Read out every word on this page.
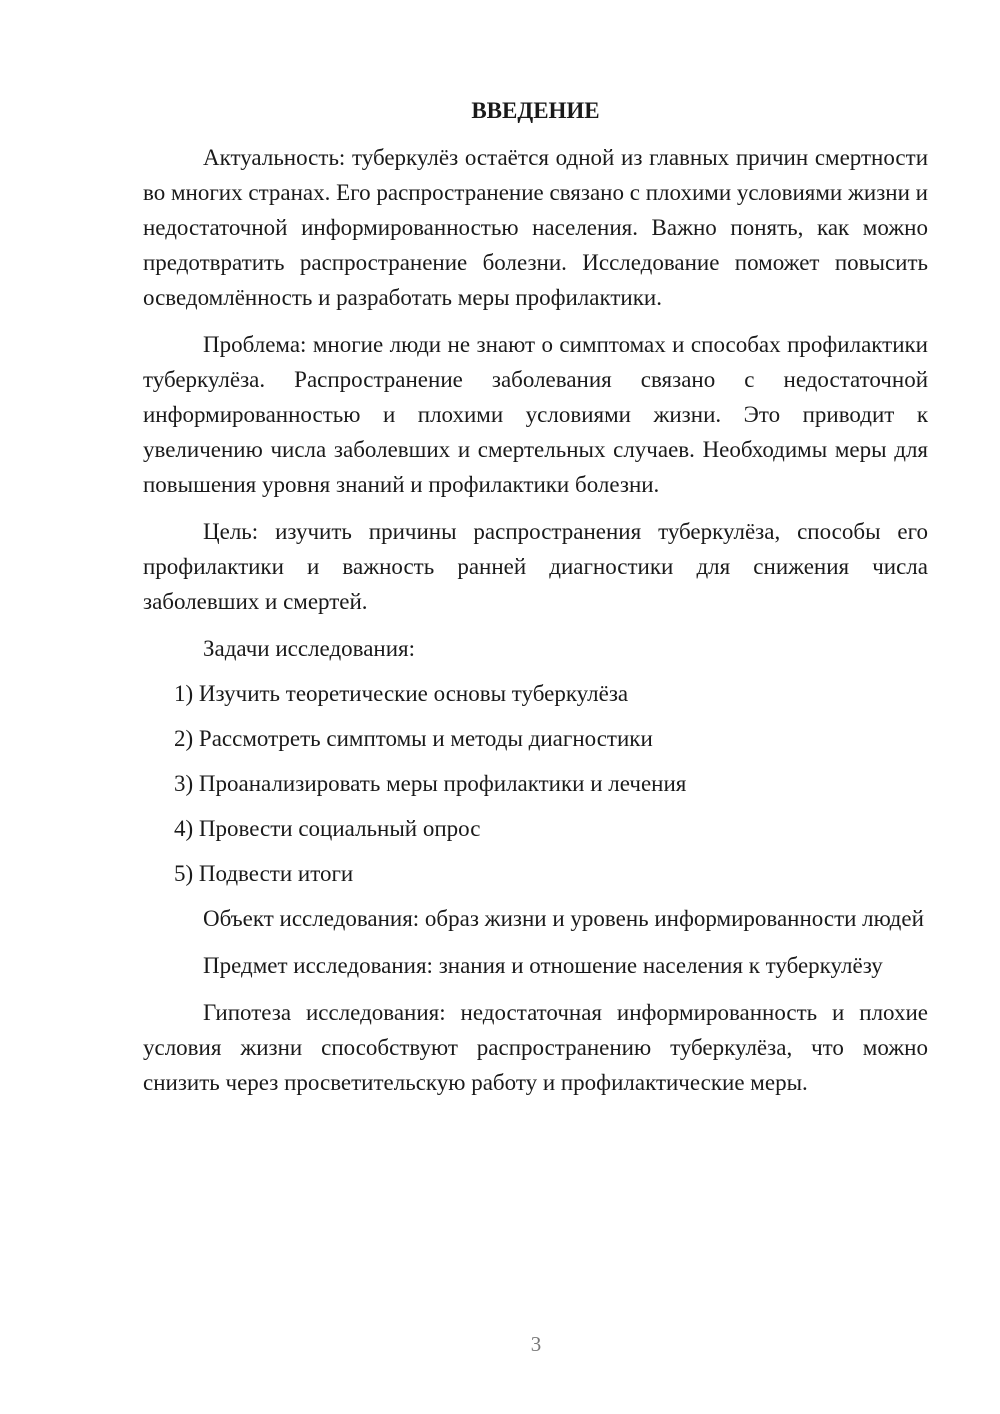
ВВЕДЕНИЕ

Актуальность: туберкулёз остаётся одной из главных причин смертности во многих странах. Его распространение связано с плохими условиями жизни и недостаточной информированностью населения. Важно понять, как можно предотвратить распространение болезни. Исследование поможет повысить осведомлённость и разработать меры профилактики.

Проблема: многие люди не знают о симптомах и способах профилактики туберкулёза. Распространение заболевания связано с недостаточной информированностью и плохими условиями жизни. Это приводит к увеличению числа заболевших и смертельных случаев. Необходимы меры для повышения уровня знаний и профилактики болезни.

Цель: изучить причины распространения туберкулёза, способы его профилактики и важность ранней диагностики для снижения числа заболевших и смертей.

Задачи исследования:

1) Изучить теоретические основы туберкулёза
2) Рассмотреть симптомы и методы диагностики
3) Проанализировать меры профилактики и лечения
4) Провести социальный опрос
5) Подвести итоги

Объект исследования: образ жизни и уровень информированности людей

Предмет исследования: знания и отношение населения к туберкулёзу

Гипотеза исследования: недостаточная информированность и плохие условия жизни способствуют распространению туберкулёза, что можно снизить через просветительскую работу и профилактические меры.

3
